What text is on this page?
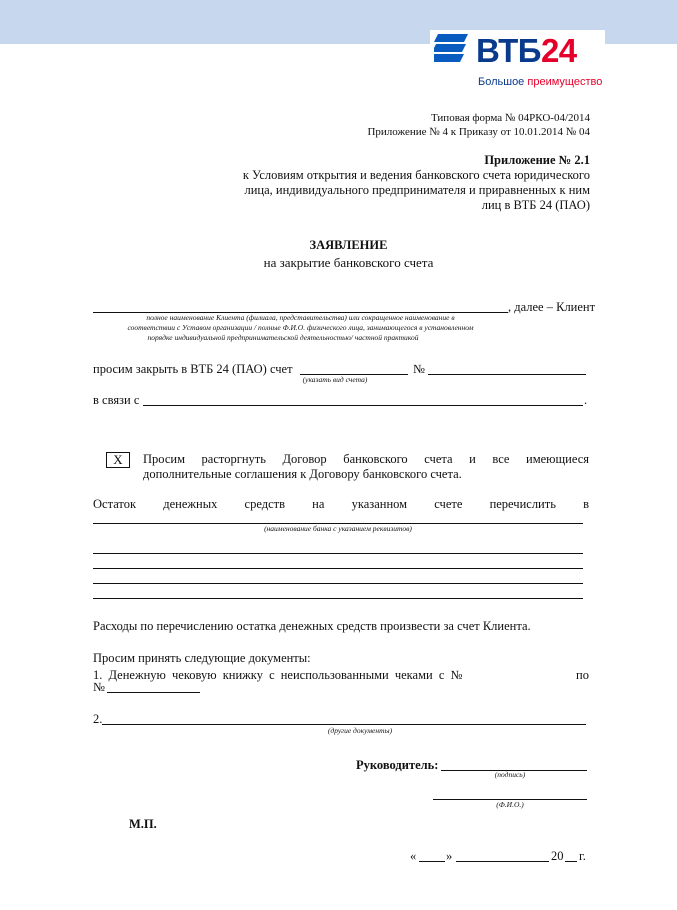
ВТБ24
Большое преимущество
Типовая форма № 04РКО-04/2014
Приложение № 4 к Приказу от 10.01.2014 № 04
Приложение № 2.1
к Условиям открытия и ведения банковского счета юридического
лица, индивидуального предпринимателя и приравненных к ним
лиц в ВТБ 24 (ПАО)
ЗАЯВЛЕНИЕ
на закрытие банковского счета
, далее – Клиент
полное наименование Клиента (филиала, представительства) или сокращенное наименование в
соответствии с Уставом организации / полные Ф.И.О. физического лица, занимающегося в установленном
порядке индивидуальной предпринимательской деятельностью/ частной практикой
просим закрыть в ВТБ 24 (ПАО) счет	№
(указать вид счета)
в связи с	.
X	Просим расторгнуть Договор банковского счета и все имеющиеся
дополнительные соглашения к Договору банковского счета.
Остаток денежных средств на указанном счете перечислить в
(наименование банка с указанием реквизитов)
Расходы по перечислению остатка денежных средств произвести за счет Клиента.
Просим принять следующие документы:
1. Денежную чековую книжку с неиспользованными чеками с №	по
№
2.
(другие документы)
Руководитель:
(подпись)
(Ф.И.О.)
М.П.
« »	20 г.
